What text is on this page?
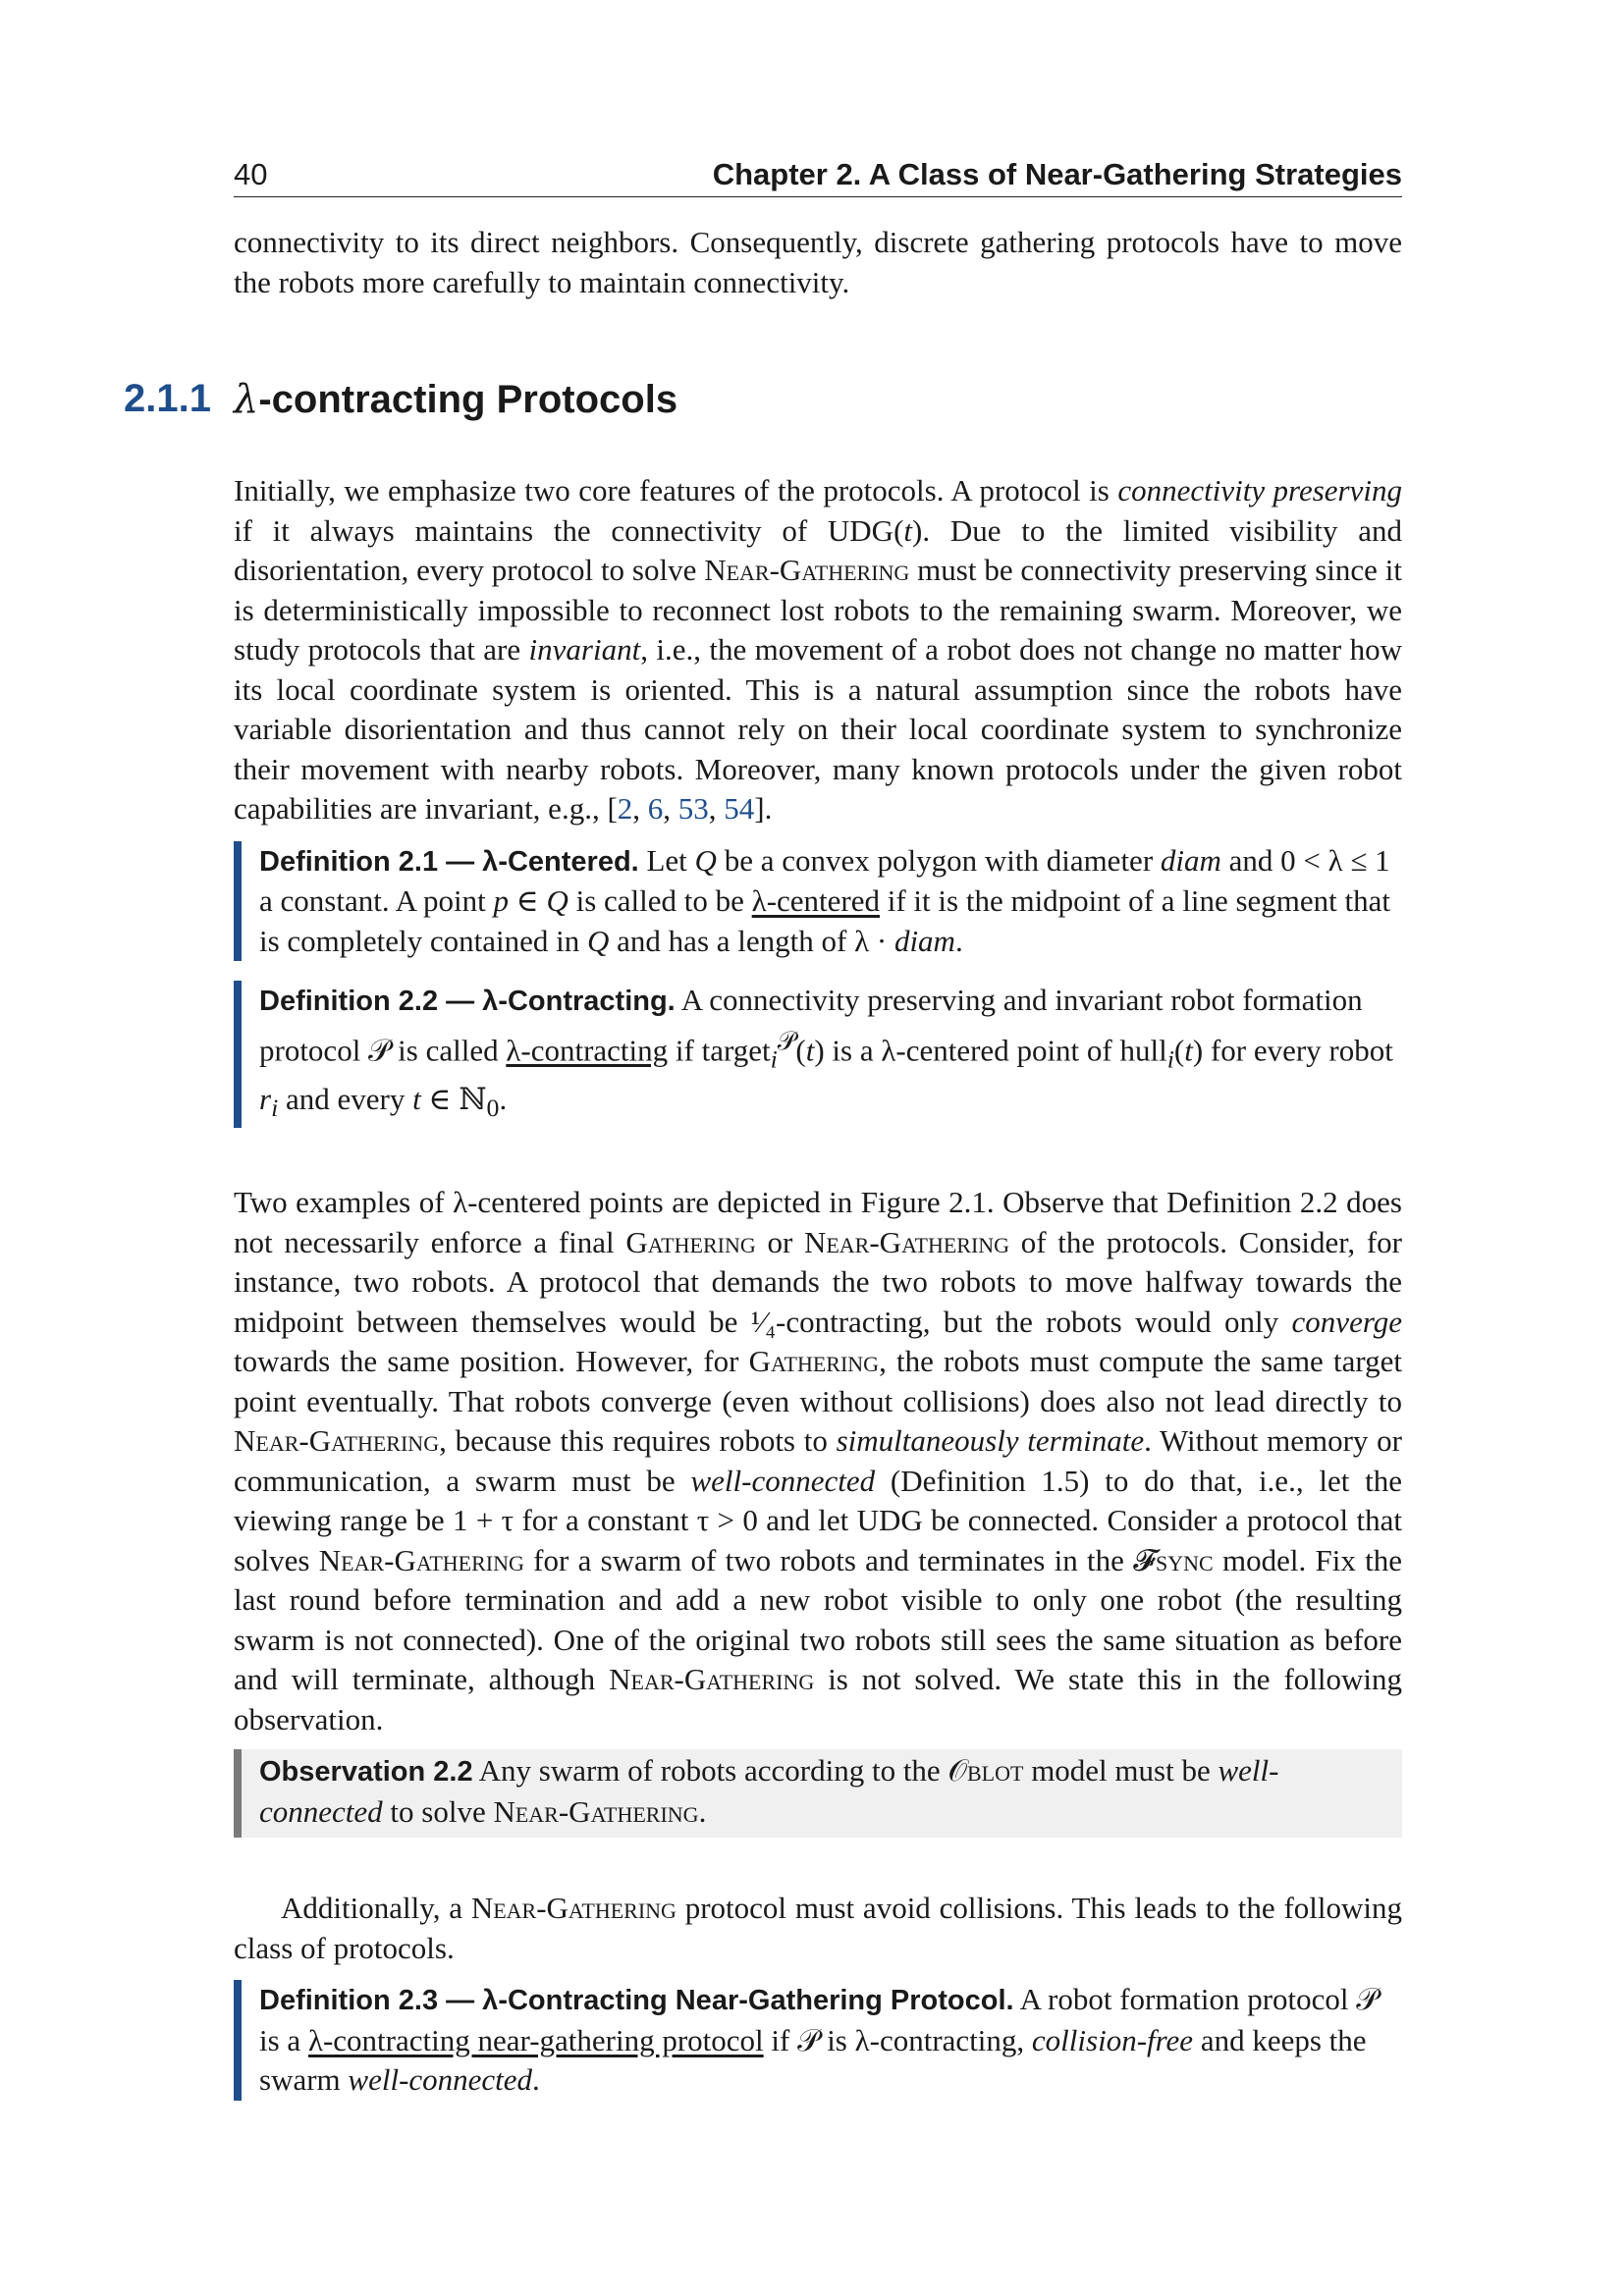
40	Chapter 2. A Class of Near-Gathering Strategies

connectivity to its direct neighbors. Consequently, discrete gathering protocols have to move the robots more carefully to maintain connectivity.

2.1.1 λ-contracting Protocols

Initially, we emphasize two core features of the protocols. A protocol is connectivity preserving if it always maintains the connectivity of UDG(t). Due to the limited visibility and disorientation, every protocol to solve Near-Gathering must be connectivity preserving since it is deterministically impossible to reconnect lost robots to the remaining swarm. Moreover, we study protocols that are invariant, i.e., the movement of a robot does not change no matter how its local coordinate system is oriented. This is a natural assumption since the robots have variable disorientation and thus cannot rely on their local coordinate system to synchronize their movement with nearby robots. Moreover, many known protocols under the given robot capabilities are invariant, e.g., [2, 6, 53, 54].

Definition 2.1 — λ-Centered. Let Q be a convex polygon with diameter diam and 0 < λ ≤ 1 a constant. A point p ∈ Q is called to be λ-centered if it is the midpoint of a line segment that is completely contained in Q and has a length of λ · diam.

Definition 2.2 — λ-Contracting. A connectivity preserving and invariant robot formation protocol 𝒫 is called λ-contracting if target$_i^𝒫$(t) is a λ-centered point of hull$_i$(t) for every robot $r_i$ and every t ∈ ℕ$_0$.

Two examples of λ-centered points are depicted in Figure 2.1. Observe that Definition 2.2 does not necessarily enforce a final Gathering or Near-Gathering of the protocols. Consider, for instance, two robots. A protocol that demands the two robots to move halfway towards the midpoint between themselves would be ¹⁄₄-contracting, but the robots would only converge towards the same position. However, for Gathering, the robots must compute the same target point eventually. That robots converge (even without collisions) does also not lead directly to Near-Gathering, because this requires robots to simultaneously terminate. Without memory or communication, a swarm must be well-connected (Definition 1.5) to do that, i.e., let the viewing range be 1 + τ for a constant τ > 0 and let UDG be connected. Consider a protocol that solves Near-Gathering for a swarm of two robots and terminates in the 𝓕sync model. Fix the last round before termination and add a new robot visible to only one robot (the resulting swarm is not connected). One of the original two robots still sees the same situation as before and will terminate, although Near-Gathering is not solved. We state this in the following observation.

Observation 2.2 Any swarm of robots according to the 𝒪blot model must be well-connected to solve Near-Gathering.

Additionally, a Near-Gathering protocol must avoid collisions. This leads to the following class of protocols.

Definition 2.3 — λ-Contracting Near-Gathering Protocol. A robot formation protocol 𝒫 is a λ-contracting near-gathering protocol if 𝒫 is λ-contracting, collision-free and keeps the swarm well-connected.
